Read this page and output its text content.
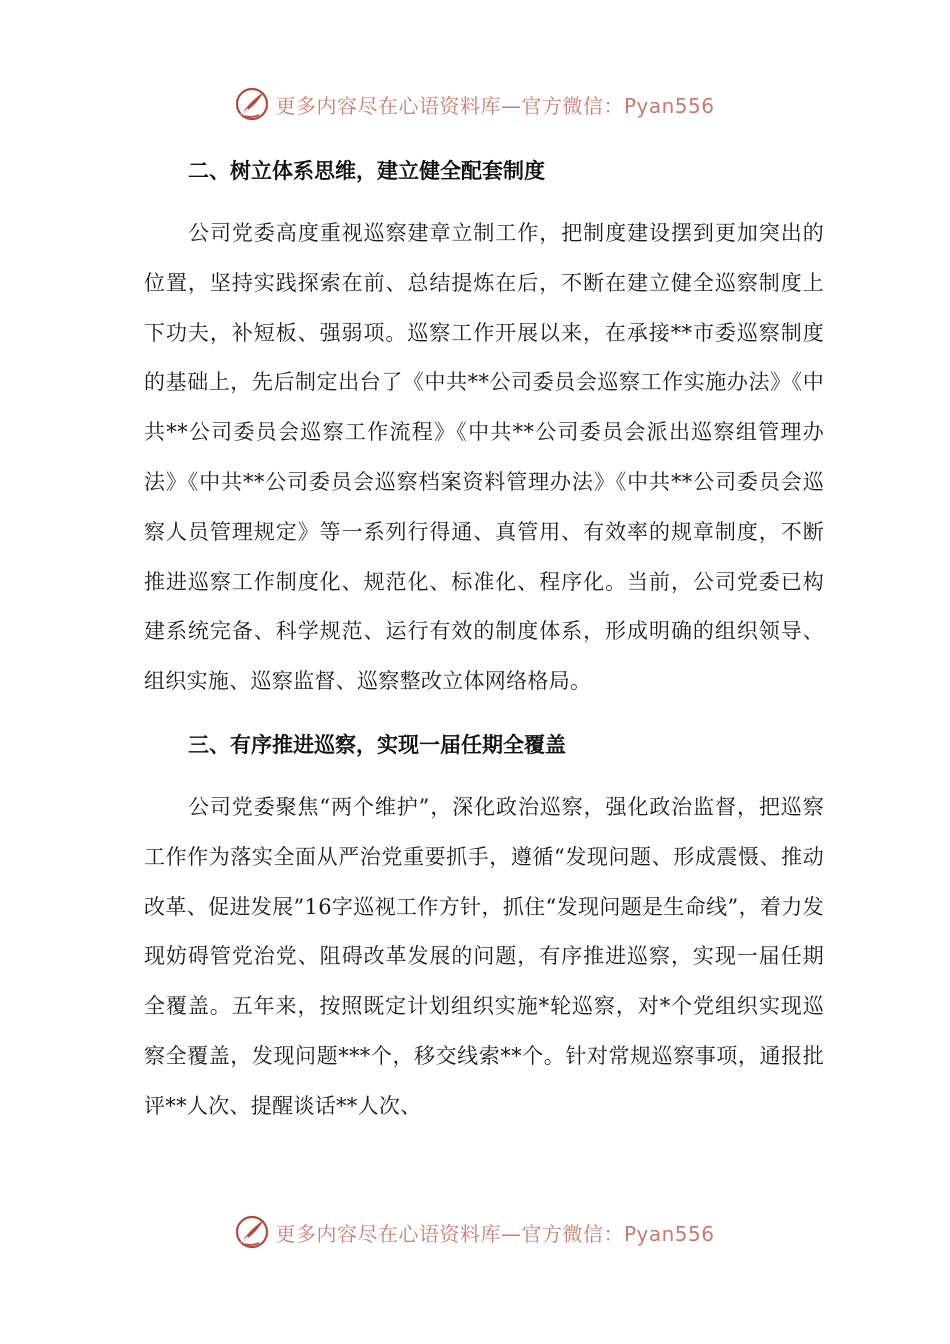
更多内容尽在心语资料库—官方微信：Pyan556

二、树立体系思维，建立健全配套制度

公司党委高度重视巡察建章立制工作，把制度建设摆到更加突出的位置，坚持实践探索在前、总结提炼在后，不断在建立健全巡察制度上下功夫，补短板、强弱项。巡察工作开展以来，在承接**市委巡察制度的基础上，先后制定出台了《中共**公司委员会巡察工作实施办法》《中共**公司委员会巡察工作流程》《中共**公司委员会派出巡察组管理办法》《中共**公司委员会巡察档案资料管理办法》《中共**公司委员会巡察人员管理规定》等一系列行得通、真管用、有效率的规章制度，不断推进巡察工作制度化、规范化、标准化、程序化。当前，公司党委已构建系统完备、科学规范、运行有效的制度体系，形成明确的组织领导、组织实施、巡察监督、巡察整改立体网络格局。

三、有序推进巡察，实现一届任期全覆盖

公司党委聚焦“两个维护”，深化政治巡察，强化政治监督，把巡察工作作为落实全面从严治党重要抓手，遵循“发现问题、形成震慑、推动改革、促进发展”16字巡视工作方针，抓住“发现问题是生命线”，着力发现妨碍管党治党、阻碍改革发展的问题，有序推进巡察，实现一届任期全覆盖。五年来，按照既定计划组织实施*轮巡察，对*个党组织实现巡察全覆盖，发现问题***个，移交线索**个。针对常规巡察事项，通报批评**人次、提醒谈话**人次、

更多内容尽在心语资料库—官方微信：Pyan556
